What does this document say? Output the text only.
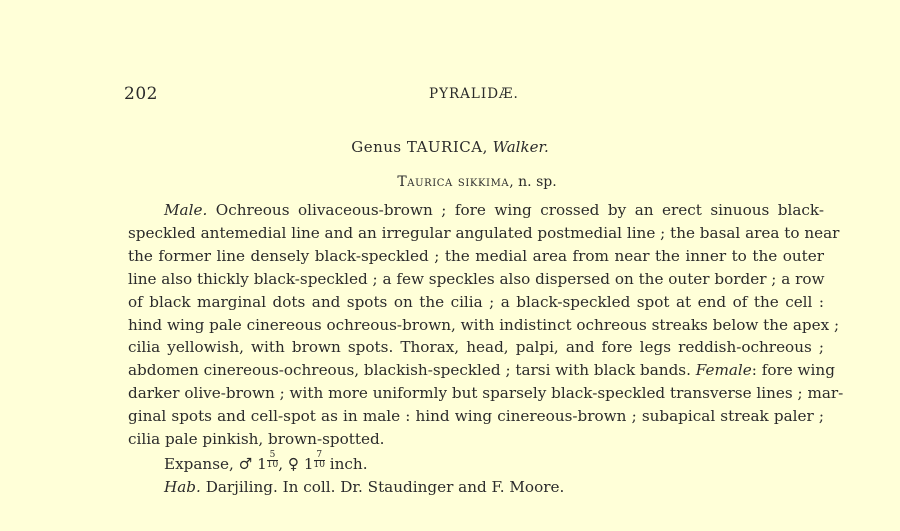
202	PYRALIDÆ.
Genus TAURICA, Walker.
Taurica sikkima, n. sp.
Male. Ochreous olivaceous-brown ; fore wing crossed by an erect sinuous black-
speckled antemedial line and an irregular angulated postmedial line ; the basal area to near
the former line densely black-speckled ; the medial area from near the inner to the outer
line also thickly black-speckled ; a few speckles also dispersed on the outer border ; a row
of black marginal dots and spots on the cilia ; a black-speckled spot at end of the cell :
hind wing pale cinereous ochreous-brown, with indistinct ochreous streaks below the apex ;
cilia yellowish, with brown spots. Thorax, head, palpi, and fore legs reddish-ochreous ;
abdomen cinereous-ochreous, blackish-speckled ; tarsi with black bands. Female: fore wing
darker olive-brown ; with more uniformly but sparsely black-speckled transverse lines ; mar-
ginal spots and cell-spot as in male : hind wing cinereous-brown ; subapical streak paler ;
cilia pale pinkish, brown-spotted.
Expanse, ♂ $1 \frac{5}{10}$ , ♀ $1 \frac{7}{10}$ inch.
Hab. Darjiling. In coll. Dr. Staudinger and F. Moore.
